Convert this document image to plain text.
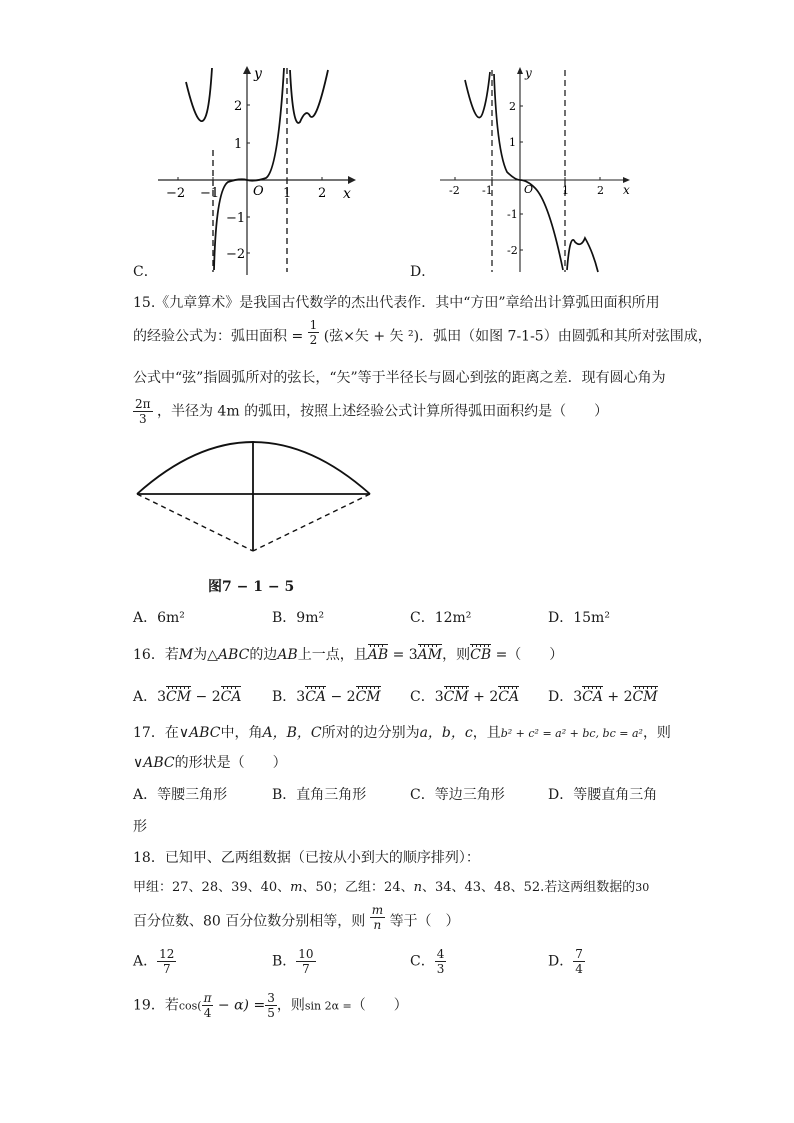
−2 −1	1 2
2
1
−1
−2
O	x
y
C．
-2 -1	1	2
2
1
-1
-2
O	x
y
D．
15.《九章算术》是我国古代数学的杰出代表作．其中“方田”章给出计算弧田面积所用
的经验公式为：弧田面积 = $\frac{1}{2}$ (弦×矢 + 矢 ²)．弧田（如图 7-1-5）由圆弧和其所对弦围成，
公式中“弦”指圆弧所对的弦长，“矢”等于半径长与圆心到弦的距离之差．现有圆心角为
$\frac{2\pi}{3}$ ，半径为 4m 的弧田，按照上述经验公式计算所得弧田面积约是（　　）
图7 − 1 − 5
A．6m²	B．9m²	C．12m²	D．15m²
16．若M为△ABC的边AB上一点，且AB = 3AM，则CB =（　　）
A．3CM − 2CA B．3CA − 2CM C．3CM + 2CA D．3CA + 2CM
17．在∨ABC中，角A，B，C所对的边分别为a，b，c，且b² + c² = a² + bc, bc = a²，则
∨ABC的形状是（　　）
A．等腰三角形	B．直角三角形	C．等边三角形	D．等腰直角三角
形
18．已知甲、乙两组数据（已按从小到大的顺序排列）：
甲组：27、28、39、40、m、50；乙组：24、n、34、43、48、52.若这两组数据的30
百分位数、80 百分位数分别相等，则 $\frac{m}{n}$ 等于（　）
A． $\frac{12}{7}$	B． $\frac{10}{7}$	C． $\frac{4}{3}$	D． $\frac{7}{4}$
19．若$\cos( \frac{\pi}{4} - \alpha) = \frac{3}{5}$ ，则sin 2α =（　　）
